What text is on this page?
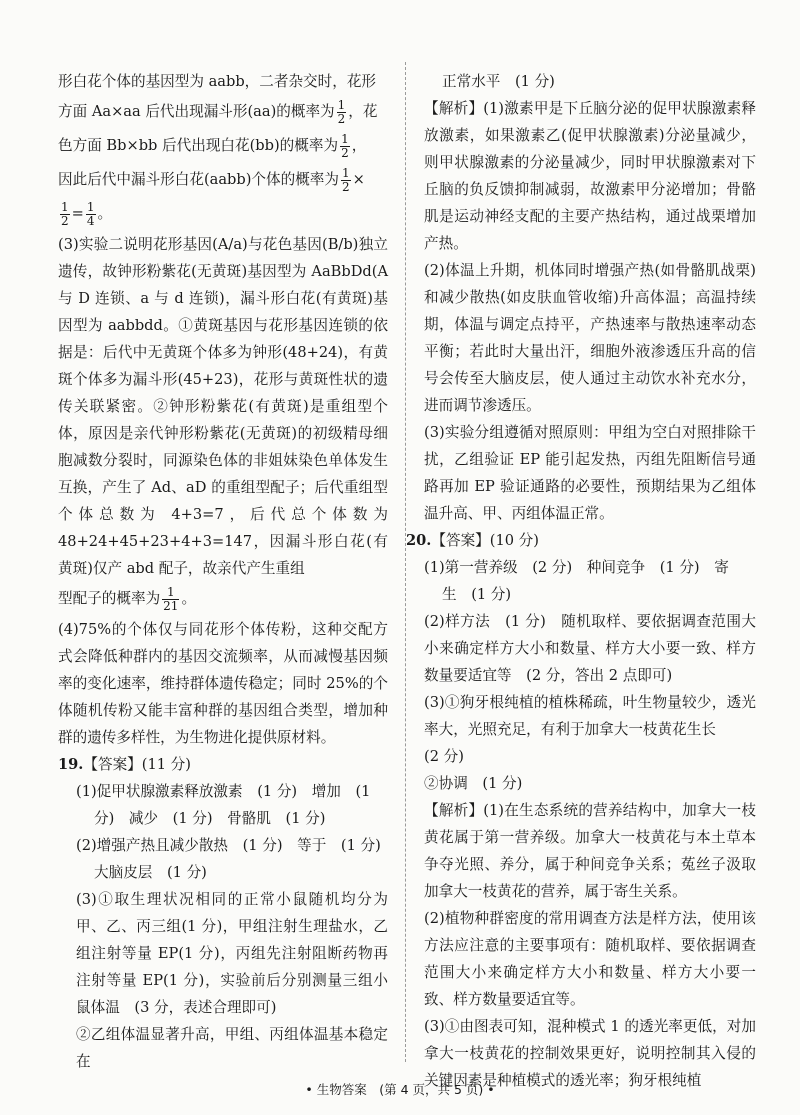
形白花个体的基因型为 aabb，二者杂交时，花形

方面 Aa×aa 后代出现漏斗形(aa)的概率为 $\frac{1}{2}$ ，花

色方面 Bb×bb 后代出现白花(bb)的概率为 $\frac{1}{2}$ ，

因此后代中漏斗形白花(aabb)个体的概率为 $\frac{1}{2}$ ×

$\frac{1}{2} = \frac{1}{4}$ 。

(3)实验二说明花形基因(A/a)与花色基因(B/b)独立遗传，故钟形粉紫花(无黄斑)基因型为 AaBbDd(A 与 D 连锁、a 与 d 连锁)，漏斗形白花(有黄斑)基因型为 aabbdd。①黄斑基因与花形基因连锁的依据是：后代中无黄斑个体多为钟形(48+24)，有黄斑个体多为漏斗形(45+23)，花形与黄斑性状的遗传关联紧密。②钟形粉紫花(有黄斑)是重组型个体，原因是亲代钟形粉紫花(无黄斑)的初级精母细胞减数分裂时，同源染色体的非姐妹染色单体发生互换，产生了 Ad、aD 的重组型配子；后代重组型个体总数为 4+3=7，后代总个体数为 48+24+45+23+4+3=147，因漏斗形白花(有黄斑)仅产 abd 配子，故亲代产生重组

型配子的概率为 $\frac{1}{21}$ 。

(4)75%的个体仅与同花形个体传粉，这种交配方式会降低种群内的基因交流频率，从而减慢基因频率的变化速率，维持群体遗传稳定；同时 25%的个体随机传粉又能丰富种群的基因组合类型，增加种群的遗传多样性，为生物进化提供原材料。

19.【答案】(11 分)

(1)促甲状腺激素释放激素　(1 分)　增加　(1

分)　减少　(1 分)　骨骼肌　(1 分)

(2)增强产热且减少散热　(1 分)　等于　(1 分)

大脑皮层　(1 分)

(3)①取生理状况相同的正常小鼠随机均分为甲、乙、丙三组(1 分)，甲组注射生理盐水，乙组注射等量 EP(1 分)，丙组先注射阻断药物再注射等量 EP(1 分)，实验前后分别测量三组小鼠体温　(3 分，表述合理即可)

②乙组体温显著升高，甲组、丙组体温基本稳定在

正常水平　(1 分)

【解析】(1)激素甲是下丘脑分泌的促甲状腺激素释放激素，如果激素乙(促甲状腺激素)分泌量减少，则甲状腺激素的分泌量减少，同时甲状腺激素对下丘脑的负反馈抑制减弱，故激素甲分泌增加；骨骼肌是运动神经支配的主要产热结构，通过战栗增加产热。

(2)体温上升期，机体同时增强产热(如骨骼肌战栗)和减少散热(如皮肤血管收缩)升高体温；高温持续期，体温与调定点持平，产热速率与散热速率动态平衡；若此时大量出汗，细胞外液渗透压升高的信号会传至大脑皮层，使人通过主动饮水补充水分，进而调节渗透压。

(3)实验分组遵循对照原则：甲组为空白对照排除干扰，乙组验证 EP 能引起发热，丙组先阻断信号通路再加 EP 验证通路的必要性，预期结果为乙组体温升高、甲、丙组体温正常。

20.【答案】(10 分)

(1)第一营养级　(2 分)　种间竞争　(1 分)　寄

生　(1 分)

(2)样方法　(1 分)　随机取样、要依据调查范围大小来确定样方大小和数量、样方大小要一致、样方数量要适宜等　(2 分，答出 2 点即可)

(3)①狗牙根纯植的植株稀疏，叶生物量较少，透光率大，光照充足，有利于加拿大一枝黄花生长

(2 分)

②协调　(1 分)

【解析】(1)在生态系统的营养结构中，加拿大一枝黄花属于第一营养级。加拿大一枝黄花与本土草本争夺光照、养分，属于种间竞争关系；菟丝子汲取加拿大一枝黄花的营养，属于寄生关系。

(2)植物种群密度的常用调查方法是样方法，使用该方法应注意的主要事项有：随机取样、要依据调查范围大小来确定样方大小和数量、样方大小要一致、样方数量要适宜等。

(3)①由图表可知，混种模式 1 的透光率更低，对加拿大一枝黄花的控制效果更好，说明控制其入侵的关键因素是种植模式的透光率；狗牙根纯植

• 生物答案　(第 4 页，共 5 页) •
